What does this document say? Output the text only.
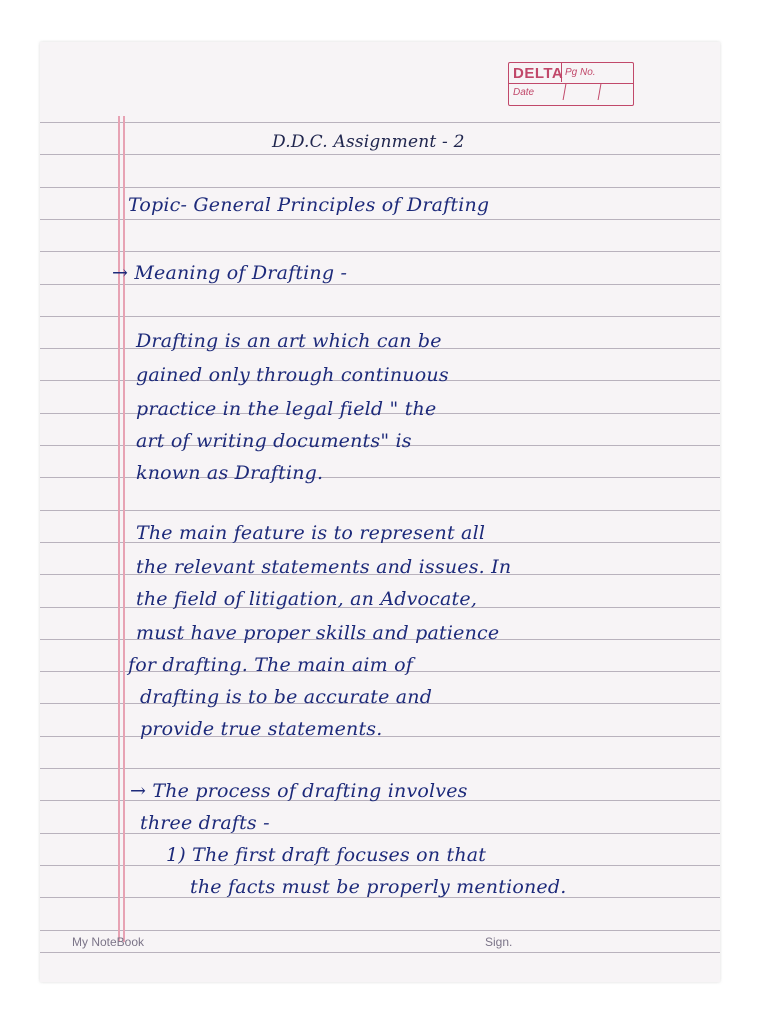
DELTA Pg No.
Date
D.D.C. Assignment - 2
Topic- General Principles of Drafting
→ Meaning of Drafting -
Drafting is an art which can be
gained only through continuous
practice in the legal field " the
art of writing documents" is
known as Drafting.
The main feature is to represent all
the relevant statements and issues. In
the field of litigation, an Advocate,
must have proper skills and patience
for drafting. The main aim of
drafting is to be accurate and
provide true statements.
→ The process of drafting involves
three drafts -
1) The first draft focuses on that
the facts must be properly mentioned.
My NoteBook	Sign.
